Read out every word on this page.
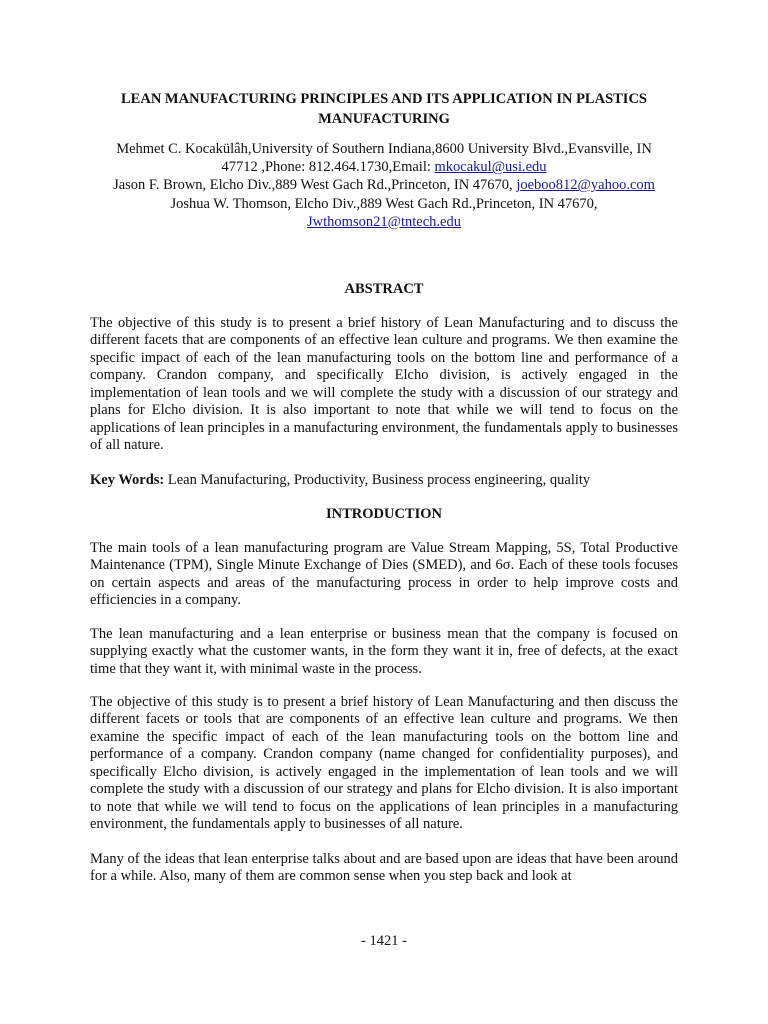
LEAN MANUFACTURING PRINCIPLES AND ITS APPLICATION IN PLASTICS
MANUFACTURING
Mehmet C. Kocakülâh,University of Southern Indiana,8600 University Blvd.,Evansville, IN
47712 ,Phone: 812.464.1730,Email: mkocakul@usi.edu
Jason F. Brown, Elcho Div.,889 West Gach Rd.,Princeton, IN 47670, joeboo812@yahoo.com
Joshua W. Thomson, Elcho Div.,889 West Gach Rd.,Princeton, IN 47670,
Jwthomson21@tntech.edu
ABSTRACT
The objective of this study is to present a brief history of Lean Manufacturing and to discuss the different facets that are components of an effective lean culture and programs. We then examine the specific impact of each of the lean manufacturing tools on the bottom line and performance of a company. Crandon company, and specifically Elcho division, is actively engaged in the implementation of lean tools and we will complete the study with a discussion of our strategy and plans for Elcho division. It is also important to note that while we will tend to focus on the applications of lean principles in a manufacturing environment, the fundamentals apply to businesses of all nature.
Key Words: Lean Manufacturing, Productivity, Business process engineering, quality
INTRODUCTION
The main tools of a lean manufacturing program are Value Stream Mapping, 5S, Total Productive Maintenance (TPM), Single Minute Exchange of Dies (SMED), and 6σ. Each of these tools focuses on certain aspects and areas of the manufacturing process in order to help improve costs and efficiencies in a company.
The lean manufacturing and a lean enterprise or business mean that the company is focused on supplying exactly what the customer wants, in the form they want it in, free of defects, at the exact time that they want it, with minimal waste in the process.
The objective of this study is to present a brief history of Lean Manufacturing and then discuss the different facets or tools that are components of an effective lean culture and programs. We then examine the specific impact of each of the lean manufacturing tools on the bottom line and performance of a company. Crandon company (name changed for confidentiality purposes), and specifically Elcho division, is actively engaged in the implementation of lean tools and we will complete the study with a discussion of our strategy and plans for Elcho division. It is also important to note that while we will tend to focus on the applications of lean principles in a manufacturing environment, the fundamentals apply to businesses of all nature.
Many of the ideas that lean enterprise talks about and are based upon are ideas that have been around for a while. Also, many of them are common sense when you step back and look at
- 1421 -
